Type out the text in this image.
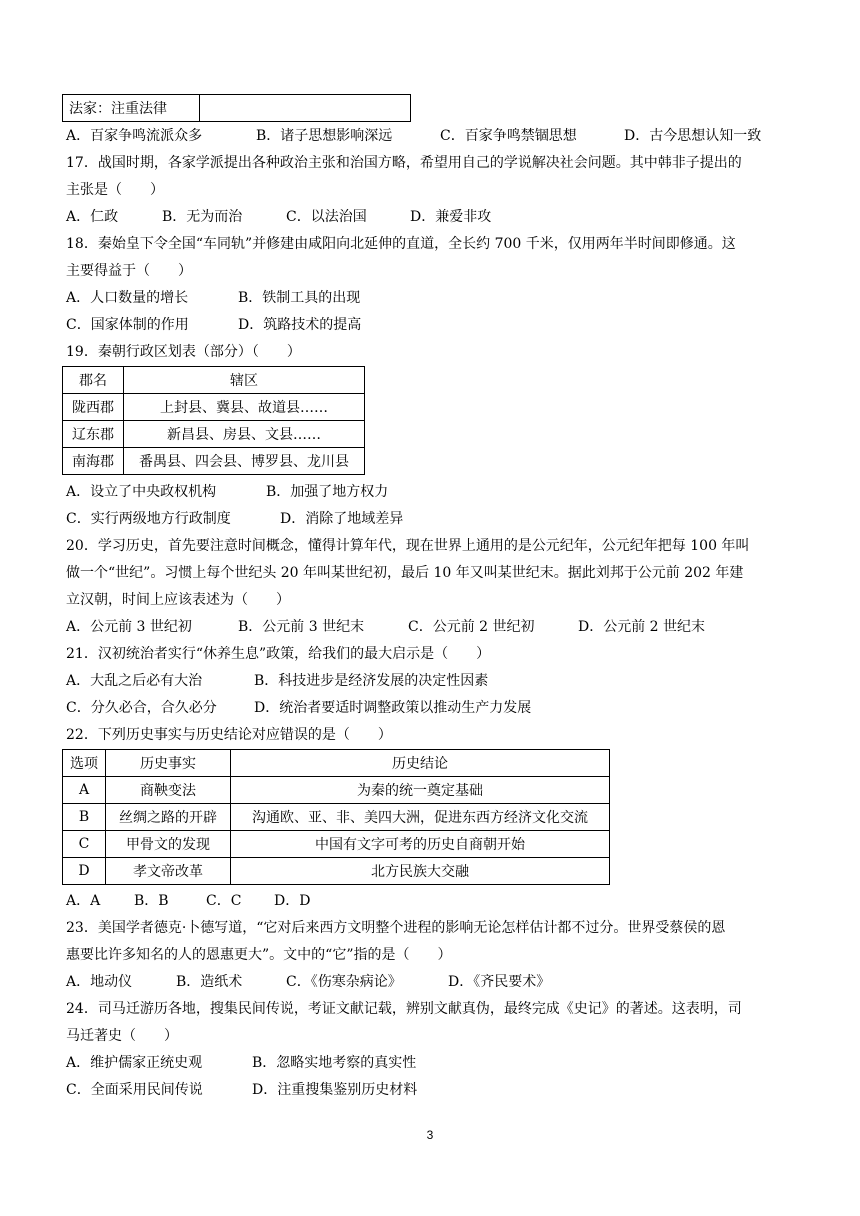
法家：注重法律	
A．百家争鸣流派众多	B．诸子思想影响深远	C．百家争鸣禁锢思想	D．古今思想认知一致
17．战国时期，各家学派提出各种政治主张和治国方略，希望用自己的学说解决社会问题。其中韩非子提出的
主张是（　　）
A．仁政	B．无为而治	C．以法治国	D．兼爱非攻
18．秦始皇下令全国“车同轨”并修建由咸阳向北延伸的直道，全长约 700 千米，仅用两年半时间即修通。这
主要得益于（　　）
A．人口数量的增长	B．铁制工具的出现
C．国家体制的作用	D．筑路技术的提高
19．秦朝行政区划表（部分）（　　）
郡名	辖区
陇西郡	上封县、冀县、故道县……
辽东郡	新昌县、房县、文县……
南海郡	番禺县、四会县、博罗县、龙川县
A．设立了中央政权机构	B．加强了地方权力
C．实行两级地方行政制度	D．消除了地域差异
20．学习历史，首先要注意时间概念，懂得计算年代，现在世界上通用的是公元纪年，公元纪年把每 100 年叫
做一个“世纪”。习惯上每个世纪头 20 年叫某世纪初，最后 10 年又叫某世纪末。据此刘邦于公元前 202 年建
立汉朝，时间上应该表述为（　　）
A．公元前 3 世纪初	B．公元前 3 世纪末	C．公元前 2 世纪初	D．公元前 2 世纪末
21．汉初统治者实行“休养生息”政策，给我们的最大启示是（　　）
A．大乱之后必有大治	B．科技进步是经济发展的决定性因素
C．分久必合，合久必分	D．统治者要适时调整政策以推动生产力发展
22．下列历史事实与历史结论对应错误的是（　　）
选项	历史事实	历史结论
A	商鞅变法	为秦的统一奠定基础
B	丝绸之路的开辟	沟通欧、亚、非、美四大洲，促进东西方经济文化交流
C	甲骨文的发现	中国有文字可考的历史自商朝开始
D	孝文帝改革	北方民族大交融
A．A B．B	C．C D．D
23．美国学者德克·卜德写道，“它对后来西方文明整个进程的影响无论怎样估计都不过分。世界受蔡侯的恩
惠要比许多知名的人的恩惠更大”。文中的“它”指的是（　　）
A．地动仪	B．造纸术	C．《伤寒杂病论》	D．《齐民要术》
24．司马迁游历各地，搜集民间传说，考证文献记载，辨别文献真伪，最终完成《史记》的著述。这表明，司
马迁著史（　　）
A．维护儒家正统史观	B．忽略实地考察的真实性
C．全面采用民间传说	D．注重搜集鉴别历史材料
3
